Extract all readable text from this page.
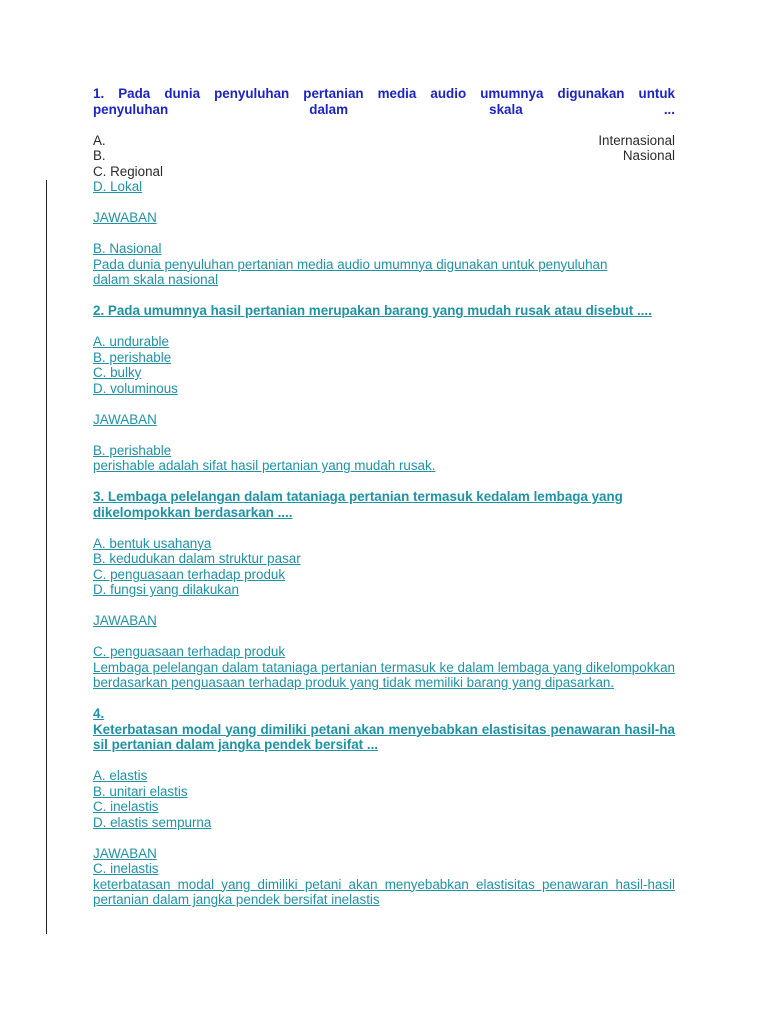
1. Pada dunia penyuluhan pertanian media audio umumnya digunakan untuk

penyuluhan dalam skala ...

A.	Internasional
B.	Nasional

C. Regional

D. Lokal

JAWABAN

B. Nasional

Pada dunia penyuluhan pertanian media audio umumnya digunakan untuk penyuluhan dalam skala nasional

2. Pada umumnya hasil pertanian merupakan barang yang mudah rusak atau disebut ....

A. undurable

B. perishable

C. bulky

D. voluminous

JAWABAN

B. perishable

perishable adalah sifat hasil pertanian yang mudah rusak.

3. Lembaga pelelangan dalam tataniaga pertanian termasuk kedalam lembaga yang dikelompokkan berdasarkan ....

A. bentuk usahanya

B. kedudukan dalam struktur pasar

C. penguasaan terhadap produk

D. fungsi yang dilakukan

JAWABAN

C. penguasaan terhadap produk

Lembaga pelelangan dalam tataniaga pertanian termasuk ke dalam lembaga yang dikelompokkan berdasarkan penguasaan terhadap produk yang tidak memiliki barang yang dipasarkan.

4.

Keterbatasan modal yang dimiliki petani akan menyebabkan elastisitas penawaran hasil-hasil pertanian dalam jangka pendek bersifat ...

A. elastis

B. unitari elastis

C. inelastis

D. elastis sempurna

JAWABAN

C. inelastis

keterbatasan modal yang dimiliki petani akan menyebabkan elastisitas penawaran hasil-hasil pertanian dalam jangka pendek bersifat inelastis
